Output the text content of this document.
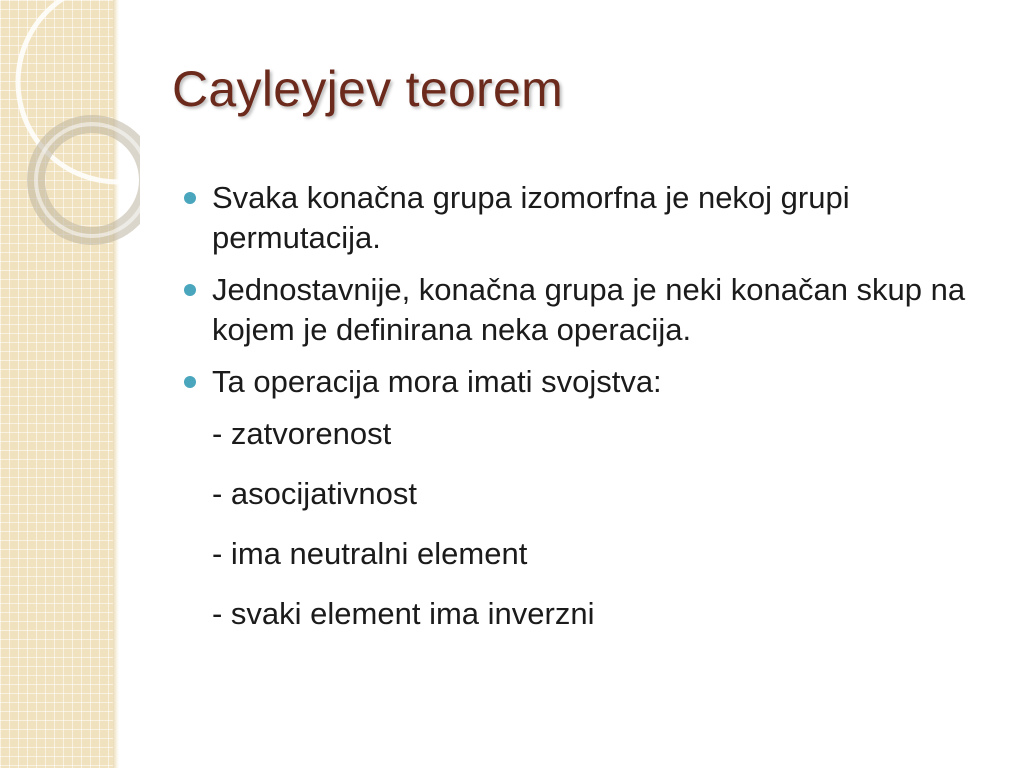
Cayleyjev teorem
Svaka konačna grupa izomorfna je nekoj grupi permutacija.
Jednostavnije, konačna grupa je neki konačan skup na kojem je definirana neka operacija.
Ta operacija mora imati svojstva:
- zatvorenost
- asocijativnost
- ima neutralni element
- svaki element ima inverzni
